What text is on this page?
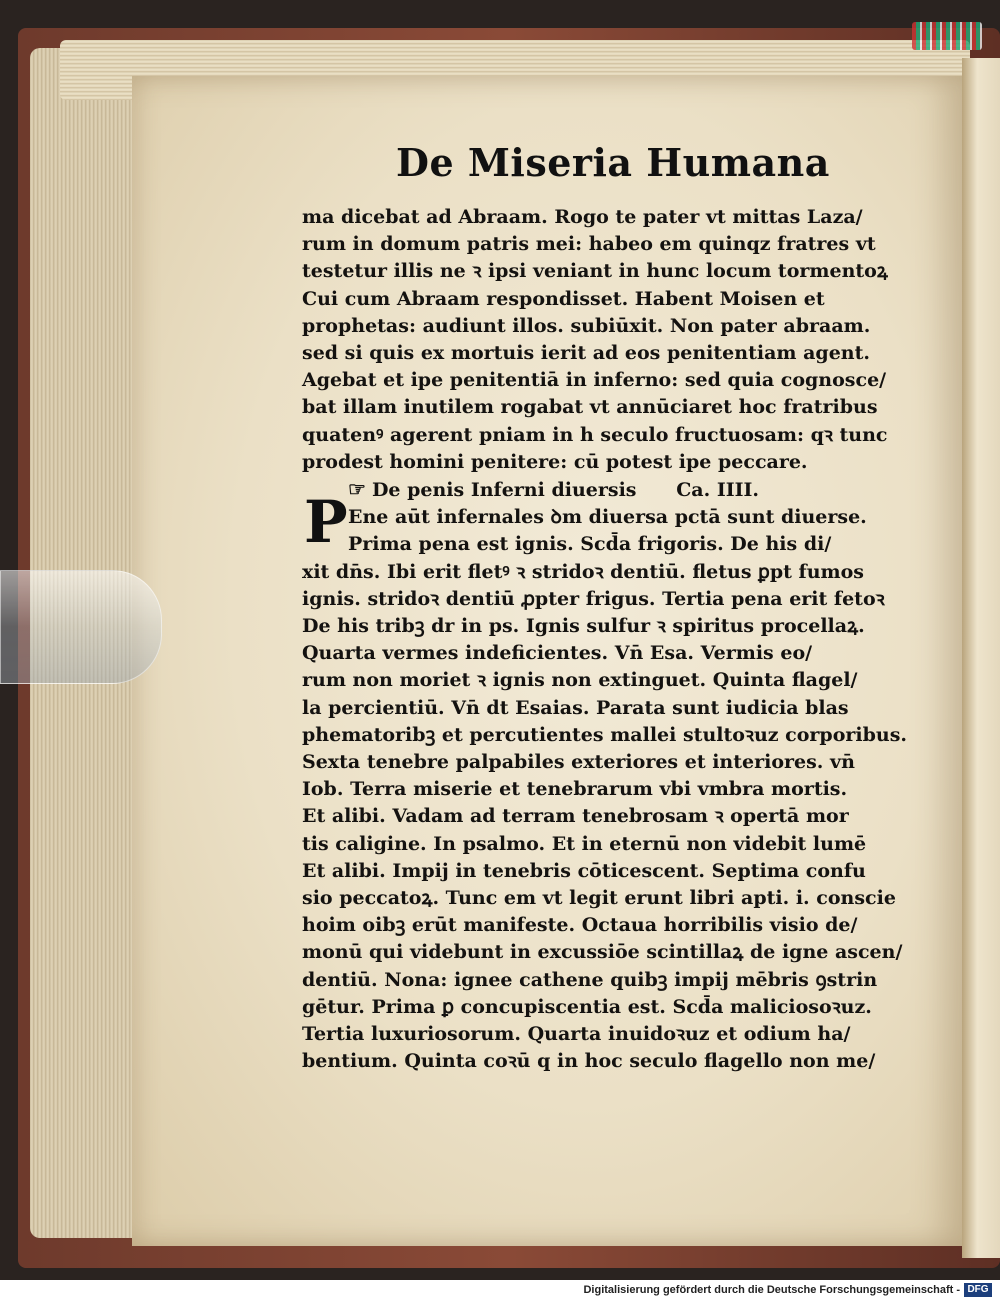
De Miseria Humana
ma dicebat ad Abraam. Rogo te pater vt mittas Laza/
rum in domum patris mei: habeo em quinqz fratres vt
testetur illis ne ꝛ ipsi veniant in hunc locum tormentoꝝ
Cui cum Abraam respondisset. Habent Moisen et
prophetas: audiunt illos. subiūxit. Non pater abraam.
sed si quis ex mortuis ierit ad eos penitentiam agent.
Agebat et ipe penitentiā in inferno: sed quia cognosce/
bat illam inutilem rogabat vt annūciaret hoc fratribus
quatenꝰ agerent pniam in h seculo fructuosam: qꝛ tunc
prodest homini penitere: cū potest ipe peccare.
☞ De penis Inferni diuersis Ca. IIII.
Ene aūt infernales ꝺm diuersa pctā sunt diuerse.
Prima pena est ignis. Scd̄a frigoris. De his di/
xit dn̄s. Ibi erit fletꝰ ꝛ stridoꝛ dentiū. fletus ꝑpt fumos
ignis. stridoꝛ dentiū ꝓpter frigus. Tertia pena erit fetoꝛ
De his tribꝫ dr in ps. Ignis sulfur ꝛ spiritus procellaꝝ.
Quarta vermes indeficientes. Vn̄ Esa. Vermis eo/
rum non moriet ꝛ ignis non extinguet. Quinta flagel/
la percientiū. Vn̄ dt Esaias. Parata sunt iudicia blas
phematoribꝫ et percutientes mallei stultoꝛuz corporibus.
Sexta tenebre palpabiles exteriores et interiores. vn̄
Iob. Terra miserie et tenebrarum vbi vmbra mortis.
Et alibi. Vadam ad terram tenebrosam ꝛ opertā mor
tis caligine. In psalmo. Et in eternū non videbit lumē
Et alibi. Impij in tenebris cōticescent. Septima confu
sio peccatoꝝ. Tunc em vt legit erunt libri apti. i. conscie
hoim oibꝫ erūt manifeste. Octaua horribilis visio de/
monū qui videbunt in excussiōe scintillaꝝ de igne ascen/
dentiū. Nona: ignee cathene quibꝫ impij mēbris ꝯstrin
gētur. Prima ꝑ concupiscentia est. Scd̄a maliciosoꝛuz.
Tertia luxuriosorum. Quarta inuidoꝛuz et odium ha/
bentium. Quinta coꝛū q in hoc seculo flagello non me/
P
Digitalisierung gefördert durch die Deutsche Forschungsgemeinschaft - DFG
